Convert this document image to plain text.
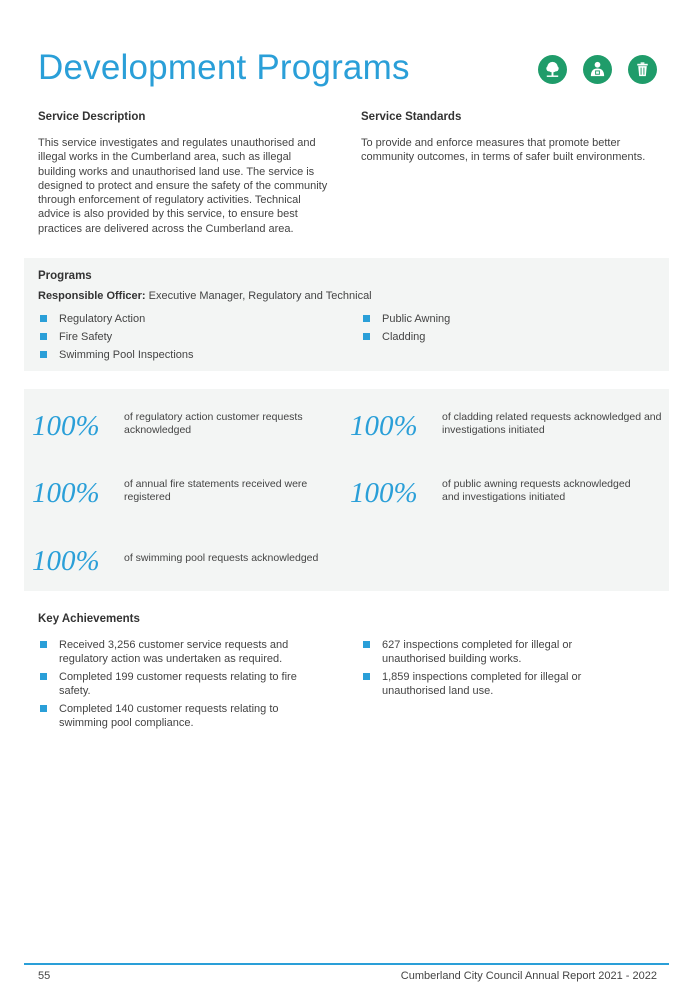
Development Programs
Service Description

This service investigates and regulates unauthorised and illegal works in the Cumberland area, such as illegal building works and unauthorised land use. The service is designed to protect and ensure the safety of the community through enforcement of regulatory activities. Technical advice is also provided by this service, to ensure best practices are delivered across the Cumberland area.

Service Standards

To provide and enforce measures that promote better community outcomes, in terms of safer built environments.

Programs
Responsible Officer: Executive Manager, Regulatory and Technical
Regulatory Action
Fire Safety
Swimming Pool Inspections
Public Awning
Cladding
100% of regulatory action customer requests acknowledged	100% of cladding related requests acknowledged and investigations initiated
100% of annual fire statements received were registered	100% of public awning requests acknowledged and investigations initiated
100% of swimming pool requests acknowledged
Key Achievements
Received 3,256 customer service requests and regulatory action was undertaken as required.
Completed 199 customer requests relating to fire safety.
Completed 140 customer requests relating to swimming pool compliance.
627 inspections completed for illegal or unauthorised building works.
1,859 inspections completed for illegal or unauthorised land use.
55	Cumberland City Council Annual Report 2021 - 2022
